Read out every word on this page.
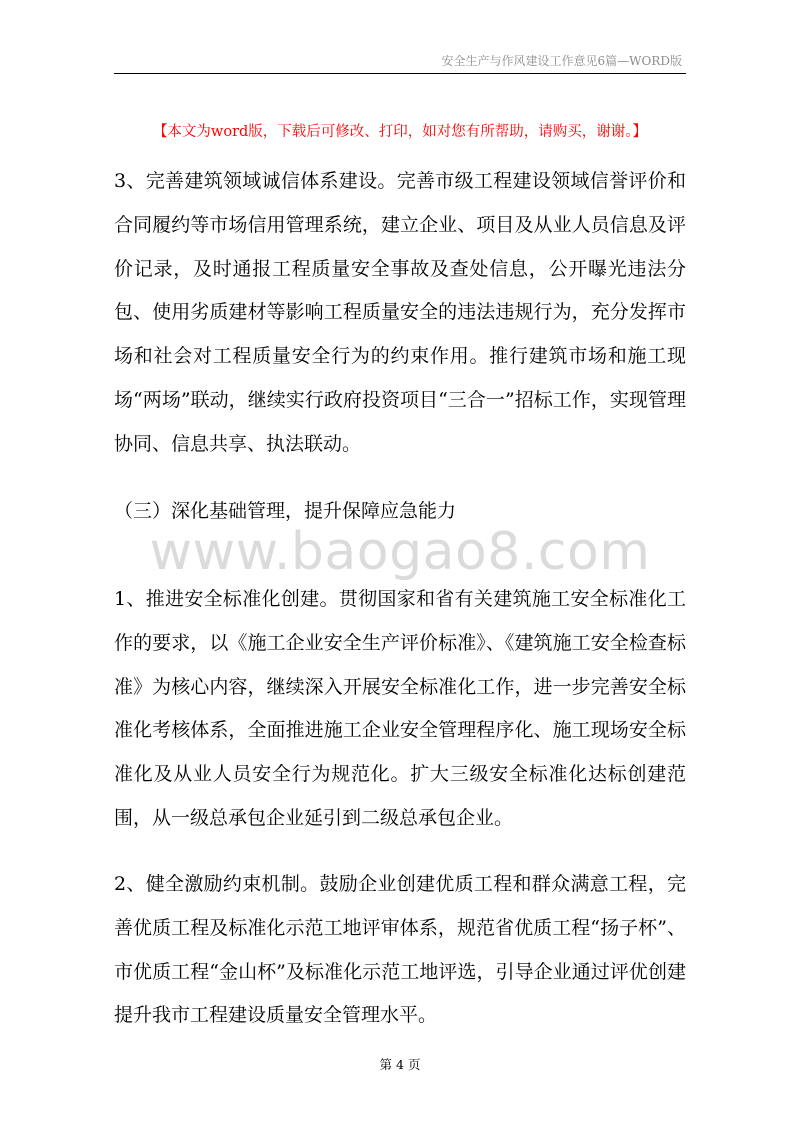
安全生产与作风建设工作意见6篇—WORD版
【本文为word版，下载后可修改、打印，如对您有所帮助，请购买，谢谢。】

3、完善建筑领域诚信体系建设。完善市级工程建设领域信誉评价和合同履约等市场信用管理系统，建立企业、项目及从业人员信息及评价记录，及时通报工程质量安全事故及查处信息，公开曝光违法分包、使用劣质建材等影响工程质量安全的违法违规行为，充分发挥市场和社会对工程质量安全行为的约束作用。推行建筑市场和施工现场“两场”联动，继续实行政府投资项目“三合一”招标工作，实现管理协同、信息共享、执法联动。

（三）深化基础管理，提升保障应急能力

www.baogao8.com

1、推进安全标准化创建。贯彻国家和省有关建筑施工安全标准化工作的要求，以《施工企业安全生产评价标准》、《建筑施工安全检查标准》为核心内容，继续深入开展安全标准化工作，进一步完善安全标准化考核体系，全面推进施工企业安全管理程序化、施工现场安全标准化及从业人员安全行为规范化。扩大三级安全标准化达标创建范围，从一级总承包企业延引到二级总承包企业。

2、健全激励约束机制。鼓励企业创建优质工程和群众满意工程，完善优质工程及标准化示范工地评审体系，规范省优质工程“扬子杯”、市优质工程“金山杯”及标准化示范工地评选，引导企业通过评优创建提升我市工程建设质量安全管理水平。

第 4 页
